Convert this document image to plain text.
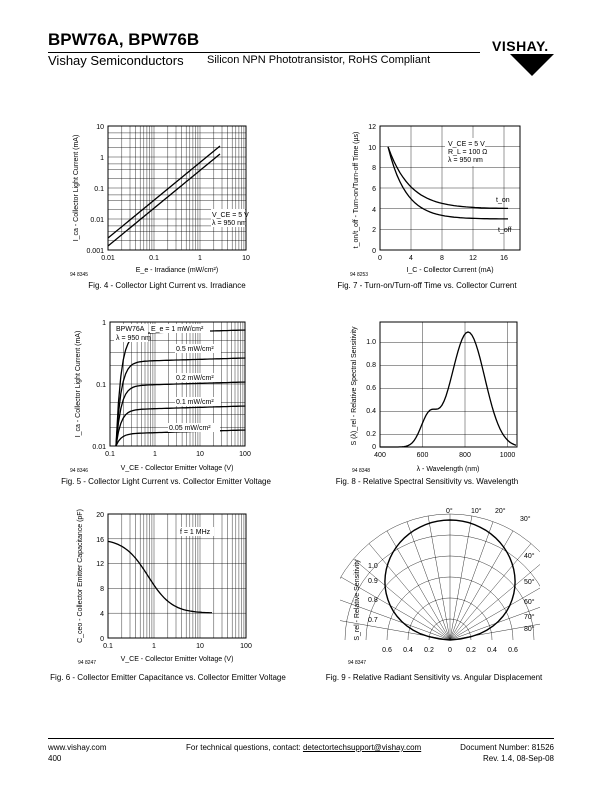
BPW76A, BPW76B
Vishay Semiconductors Silicon NPN Phototransistor, RoHS Compliant
VISHAY.
V_CE = 5 V
λ = 950 nm
10
1
0.1
0.01
0.001
0.01	0.1	1	10
E_e - Irradiance (mW/cm²)
94 8345
I_ca - Collector Light Current (mA)
Fig. 4 - Collector Light Current vs. Irradiance
V_CE = 5 V
R_L = 100 Ω
λ = 950 nm
t_on
t_off
12
10
8
6
4
2
0
0	4	8	12	16
I_C - Collector Current (mA)
94 8253
t_on/t_off - Turn-on/Turn-off Time (µs)
Fig. 7 - Turn-on/Turn-off Time vs. Collector Current
BPW76A
λ = 950 nm
E_e = 1 mW/cm²
0.5 mW/cm²
0.2 mW/cm²
0.1 mW/cm²
0.05 mW/cm²
1
0.1
0.01
0.1	1	10	100
V_CE - Collector Emitter Voltage (V)
94 8346
I_ca - Collector Light Current (mA)
Fig. 5 - Collector Light Current vs. Collector Emitter Voltage
1.0
0.8
0.6
0.4
0.2
0
400	600	800	1000
λ - Wavelength (nm)
94 8348
S (λ)_rel - Relative Spectral Sensitivity
Fig. 8 - Relative Spectral Sensitivity vs. Wavelength
f = 1 MHz
20
16
12
8
4
0
0.1	1	10	100
V_CE - Collector Emitter Voltage (V)
94 8247
C_ceo - Collector Emitter Capacitance (pF)
Fig. 6 - Collector Emitter Capacitance vs. Collector Emitter Voltage
0°	10° 20°
30°
40°
50°
60°
70°
80°
1.0
0.9
0.8
0.7
0.6 0.4 0.2 0 0.2 0.4 0.6
94 8347
S_rel - Relative Sensitivity
Fig. 9 - Relative Radiant Sensitivity vs. Angular Displacement
www.vishay.com
400
For technical questions, contact: detectortechsupport@vishay.com	Document Number: 81526
Rev. 1.4, 08-Sep-08
